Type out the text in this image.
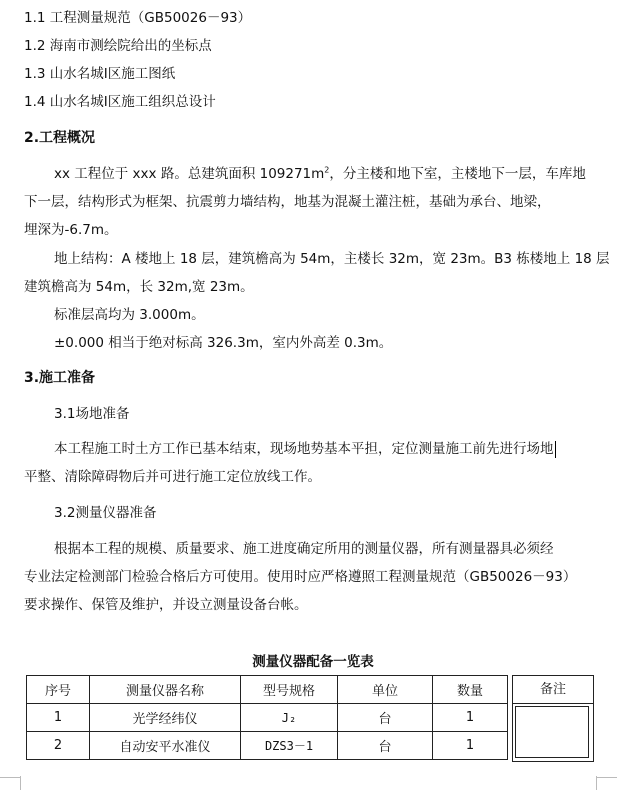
1.1 工程测量规范（GB50026－93）
1.2 海南市测绘院给出的坐标点
1.3 山水名城Ⅰ区施工图纸
1.4 山水名城Ⅰ区施工组织总设计
2.工程概况
xx 工程位于 xxx 路。总建筑面积 $109271m^2$，分主楼和地下室，主楼地下一层，车库地
下一层，结构形式为框架、抗震剪力墙结构，地基为混凝土灌注桩，基础为承台、地梁，
埋深为-6.7m。
地上结构：A 楼地上 18 层，建筑檐高为 54m，主楼长 32m，宽 23m。B3 栋楼地上 18 层
建筑檐高为 54m，长 32m,宽 23m。
标准层高均为 3.000m。
±0.000 相当于绝对标高 326.3m，室内外高差 0.3m。
3.施工准备
3.1场地准备
本工程施工时土方工作已基本结束，现场地势基本平担，定位测量施工前先进行场地
平整、清除障碍物后并可进行施工定位放线工作。
3.2测量仪器准备
根据本工程的规模、质量要求、施工进度确定所用的测量仪器，所有测量器具必须经
专业法定检测部门检验合格后方可使用。使用时应严格遵照工程测量规范（GB50026－93）
要求操作、保管及维护，并设立测量设备台帐。
测量仪器配备一览表
序号	测量仪器名称	型号规格	单位	数量
1	光学经纬仪	J₂	台	1
2	自动安平水准仪	DZS3－1	台	1
备注
